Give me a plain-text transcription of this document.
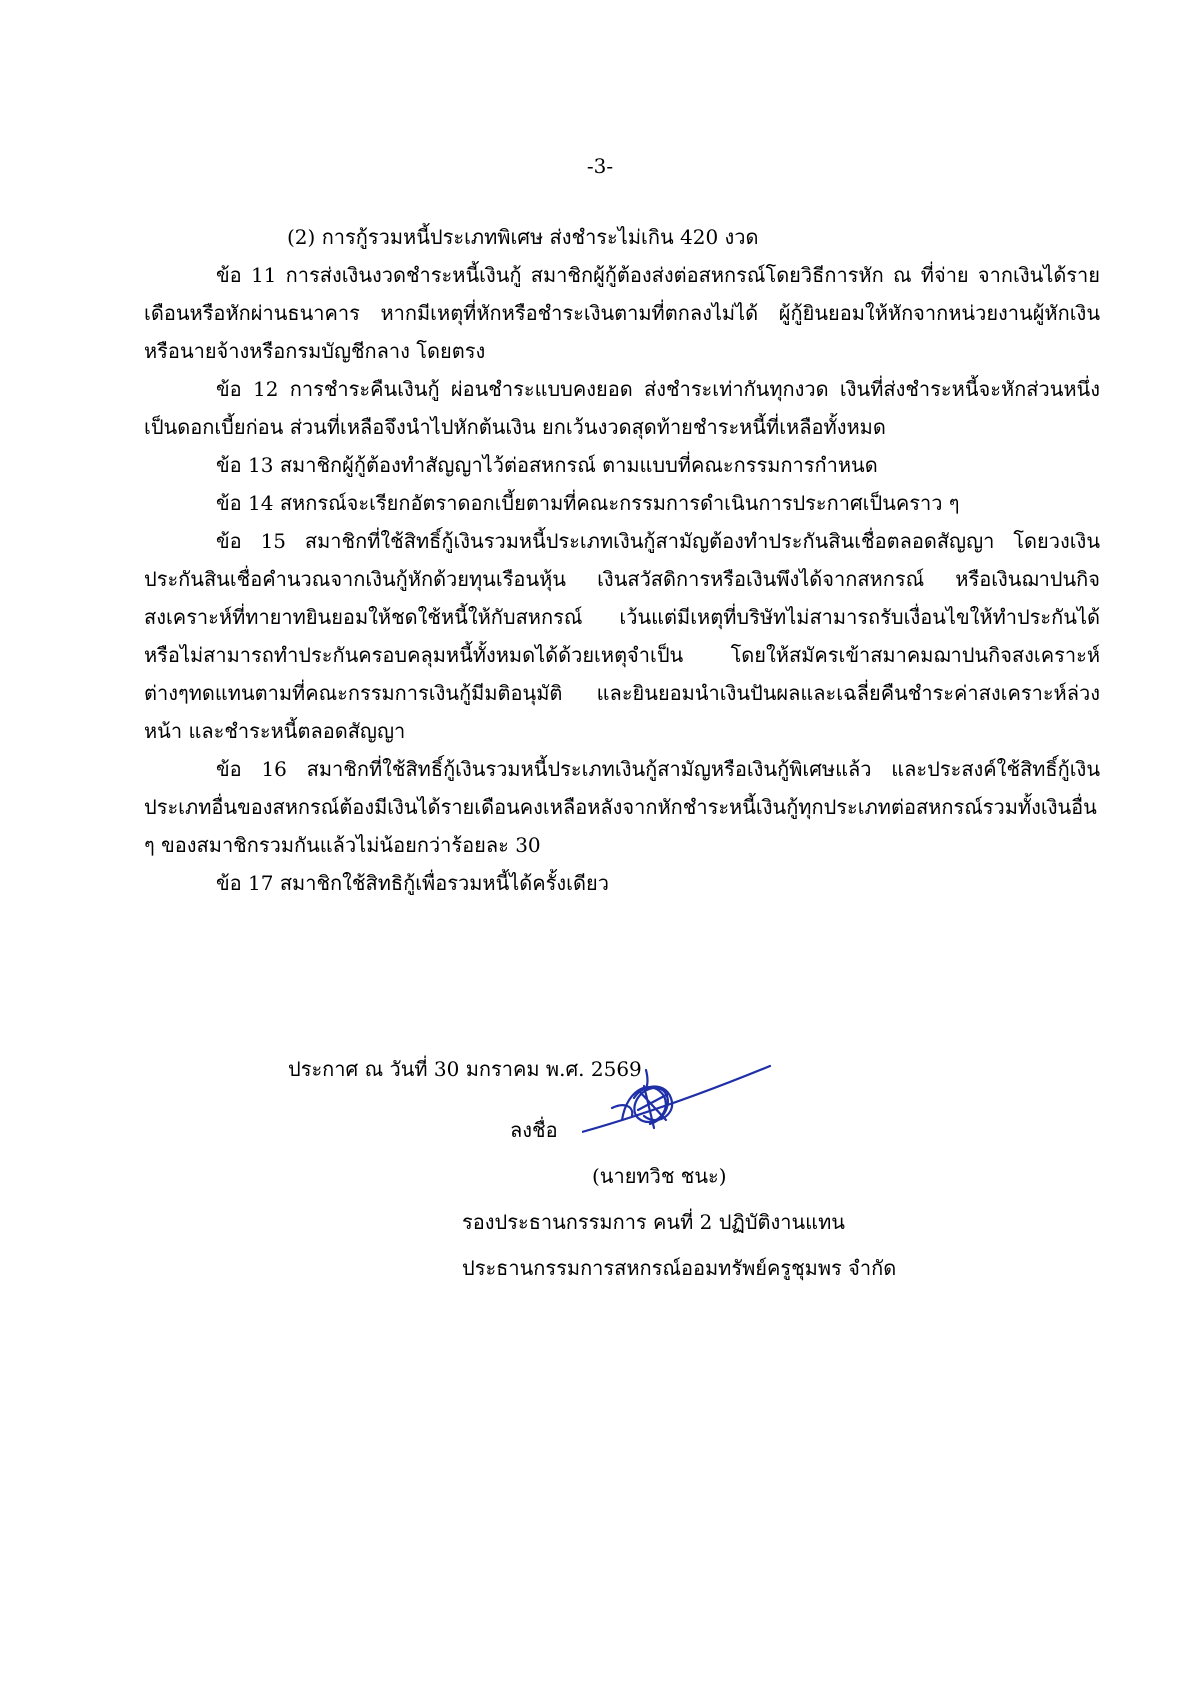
-3-

(2) การกู้รวมหนี้ประเภทพิเศษ ส่งชำระไม่เกิน 420 งวด

ข้อ 11 การส่งเงินงวดชำระหนี้เงินกู้ สมาชิกผู้กู้ต้องส่งต่อสหกรณ์โดยวิธีการหัก ณ ที่จ่าย จากเงินได้รายเดือนหรือหักผ่านธนาคาร หากมีเหตุที่หักหรือชำระเงินตามที่ตกลงไม่ได้ ผู้กู้ยินยอมให้หักจากหน่วยงานผู้หักเงินหรือนายจ้างหรือกรมบัญชีกลาง โดยตรง

ข้อ 12 การชำระคืนเงินกู้ ผ่อนชำระแบบคงยอด ส่งชำระเท่ากันทุกงวด เงินที่ส่งชำระหนี้จะหักส่วนหนึ่งเป็นดอกเบี้ยก่อน ส่วนที่เหลือจึงนำไปหักต้นเงิน ยกเว้นงวดสุดท้ายชำระหนี้ที่เหลือทั้งหมด

ข้อ 13 สมาชิกผู้กู้ต้องทำสัญญาไว้ต่อสหกรณ์ ตามแบบที่คณะกรรมการกำหนด

ข้อ 14 สหกรณ์จะเรียกอัตราดอกเบี้ยตามที่คณะกรรมการดำเนินการประกาศเป็นคราว ๆ

ข้อ 15 สมาชิกที่ใช้สิทธิ์กู้เงินรวมหนี้ประเภทเงินกู้สามัญต้องทำประกันสินเชื่อตลอดสัญญา โดยวงเงินประกันสินเชื่อคำนวณจากเงินกู้หักด้วยทุนเรือนหุ้น เงินสวัสดิการหรือเงินพึงได้จากสหกรณ์ หรือเงินฌาปนกิจสงเคราะห์ที่ทายาทยินยอมให้ชดใช้หนี้ให้กับสหกรณ์ เว้นแต่มีเหตุที่บริษัทไม่สามารถรับเงื่อนไขให้ทำประกันได้หรือไม่สามารถทำประกันครอบคลุมหนี้ทั้งหมดได้ด้วยเหตุจำเป็น โดยให้สมัครเข้าสมาคมฌาปนกิจสงเคราะห์ต่างๆทดแทนตามที่คณะกรรมการเงินกู้มีมติอนุมัติ และยินยอมนำเงินปันผลและเฉลี่ยคืนชำระค่าสงเคราะห์ล่วงหน้า และชำระหนี้ตลอดสัญญา

ข้อ 16 สมาชิกที่ใช้สิทธิ์กู้เงินรวมหนี้ประเภทเงินกู้สามัญหรือเงินกู้พิเศษแล้ว และประสงค์ใช้สิทธิ์กู้เงินประเภทอื่นของสหกรณ์ต้องมีเงินได้รายเดือนคงเหลือหลังจากหักชำระหนี้เงินกู้ทุกประเภทต่อสหกรณ์รวมทั้งเงินอื่น ๆ ของสมาชิกรวมกันแล้วไม่น้อยกว่าร้อยละ 30

ข้อ 17 สมาชิกใช้สิทธิกู้เพื่อรวมหนี้ได้ครั้งเดียว

ประกาศ ณ วันที่ 30 มกราคม พ.ศ. 2569
ลงชื่อ
(นายทวิช ชนะ)
รองประธานกรรมการ คนที่ 2 ปฏิบัติงานแทน
ประธานกรรมการสหกรณ์ออมทรัพย์ครูชุมพร จำกัด
